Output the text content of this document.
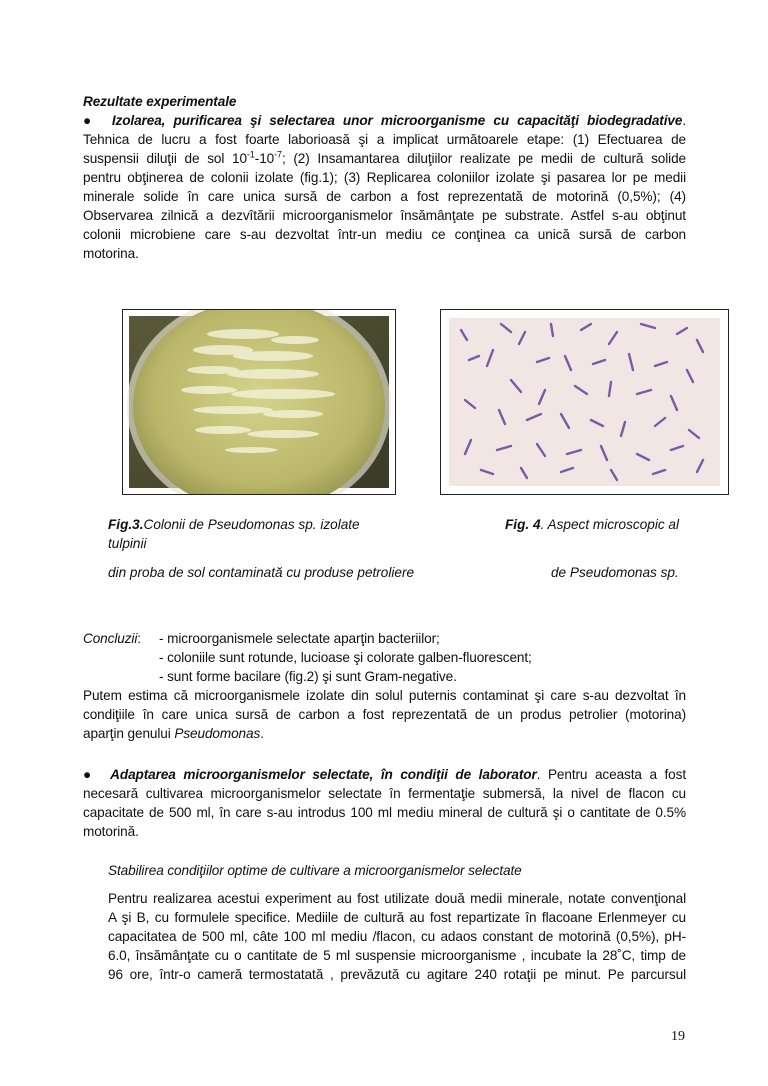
Rezultate experimentale
● Izolarea, purificarea şi selectarea unor microorganisme cu capacităţi biodegradative.
Tehnica de lucru a fost foarte laborioasă şi a implicat următoarele etape: (1) Efectuarea de
suspensii diluţii de sol $10^{-1}-10^{-7}$; (2) Insamantarea diluţiilor realizate pe medii de cultură solide
pentru obţinerea de colonii izolate (fig.1); (3) Replicarea coloniilor izolate şi pasarea lor pe medii
minerale solide în care unica sursă de carbon a fost reprezentată de motorină (0,5%); (4)
Observarea zilnică a dezvîtării microorganismelor însămânţate pe substrate. Astfel s-au obţinut
colonii microbiene care s-au dezvoltat într-un mediu ce conţinea ca unică sursă de carbon
motorina.
Fig.3.Colonii de Pseudomonas sp. izolate
tulpinii
din proba de sol contaminată cu produse petroliere
Fig. 4. Aspect microscopic al
de Pseudomonas sp.
Concluzii: - microorganismele selectate aparţin bacteriilor;
- coloniile sunt rotunde, lucioase şi colorate galben-fluorescent;
- sunt forme bacilare (fig.2) şi sunt Gram-negative.
Putem estima că microorganismele izolate din solul puternis contaminat şi care s-au dezvoltat în
condiţiile în care unica sursă de carbon a fost reprezentată de un produs petrolier (motorina)
aparţin genului Pseudomonas.
● Adaptarea microorganismelor selectate, în condiţii de laborator. Pentru aceasta a fost
necesară cultivarea microorganismelor selectate în fermentaţie submersă, la nivel de flacon cu
capacitate de 500 ml, în care s-au introdus 100 ml mediu mineral de cultură şi o cantitate de 0.5%
motorină.
Stabilirea condiţiilor optime de cultivare a microorganismelor selectate
Pentru realizarea acestui experiment au fost utilizate două medii minerale, notate convenţional
A şi B, cu formulele specifice. Mediile de cultură au fost repartizate în flacoane Erlenmeyer cu
capacitatea de 500 ml, câte 100 ml mediu /flacon, cu adaos constant de motorină (0,5%), pH-
6.0, însămânţate cu o cantitate de 5 ml suspensie microorganisme , incubate la 28˚C, timp de
96 ore, într-o cameră termostatată , prevăzută cu agitare 240 rotaţii pe minut. Pe parcursul
19
